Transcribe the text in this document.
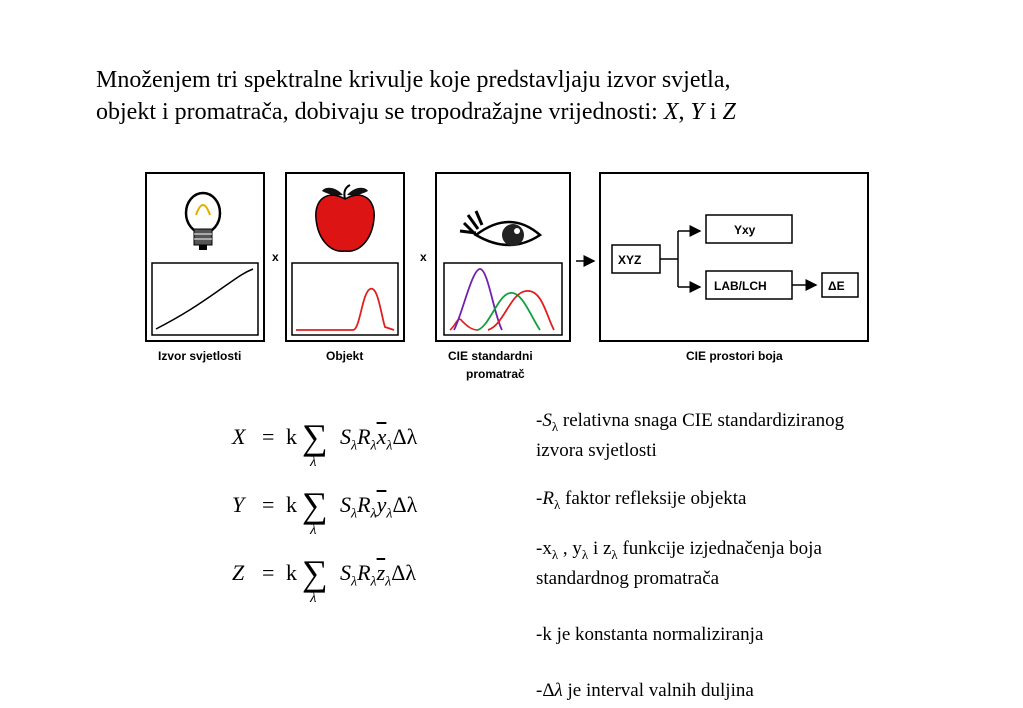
Množenjem tri spektralne krivulje koje predstavljaju izvor svjetla,
objekt i promatrača, dobivaju se tropodražajne vrijednosti: X, Y i Z
Izvor svjetlosti
x
Objekt
x
CIE standardni
promatrač
XYZ
Yxy
LAB/LCH	ΔE
CIE prostori boja
X = k ∑
λ
$S_\lambda R_\lambda\overline{x}_\lambda\Delta\lambda$
Y = k ∑
λ
$S_\lambda R_\lambda\overline{y}_\lambda\Delta\lambda$
Z = k ∑
λ
$S_\lambda R_\lambda\overline{z}_\lambda\Delta\lambda$
$-S_\lambda$ relativna snaga CIE standardiziranog
izvora svjetlosti
$-R_\lambda$ faktor refleksije objekta
$-x_\lambda$ , $y_\lambda$ i $z_\lambda$ funkcije izjednačenja boja
standardnog promatrača
-k je konstanta normaliziranja
-Δλ je interval valnih duljina
